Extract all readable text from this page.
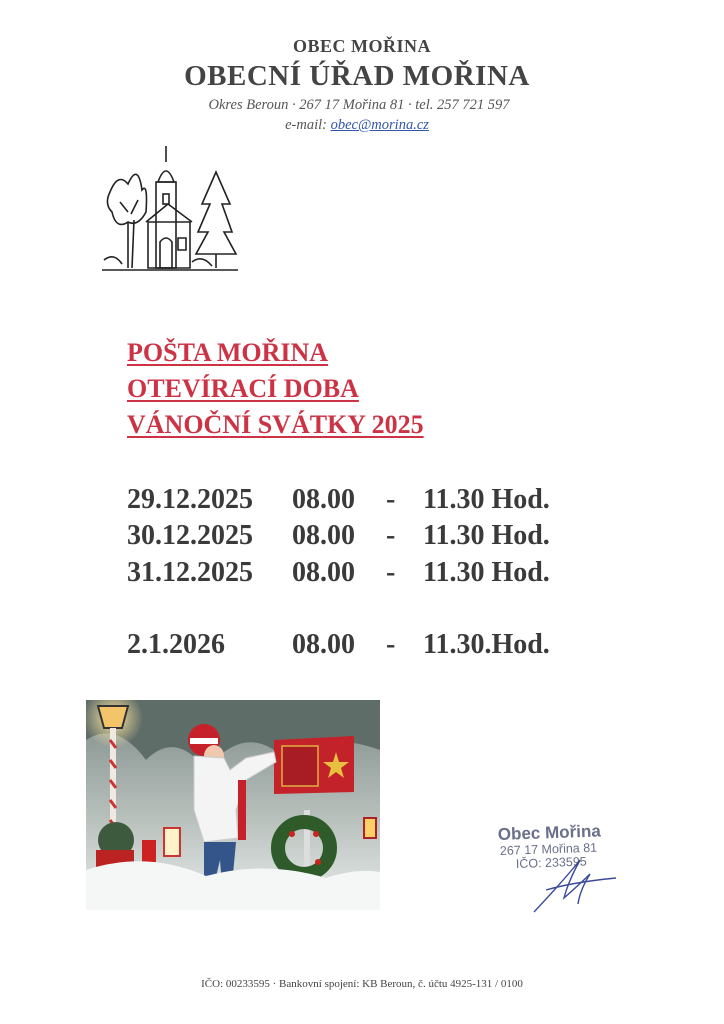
OBEC MOŘINA
OBECNÍ ÚŘAD MOŘINA
Okres Beroun · 267 17 Mořina 81 · tel. 257 721 597
e-mail: obec@morina.cz
POŠTA MOŘINA
OTEVÍRACÍ DOBA
VÁNOČNÍ SVÁTKY 2025
29.12.2025 08.00 - 11.30 Hod.
30.12.2025 08.00 - 11.30 Hod.
31.12.2025 08.00 - 11.30 Hod.
2.1.2026 08.00 - 11.30.Hod.
Obec Mořina
267 17 Mořina 81
IČO: 233595
IČO: 00233595 · Bankovní spojení: KB Beroun, č. účtu 4925-131 / 0100
